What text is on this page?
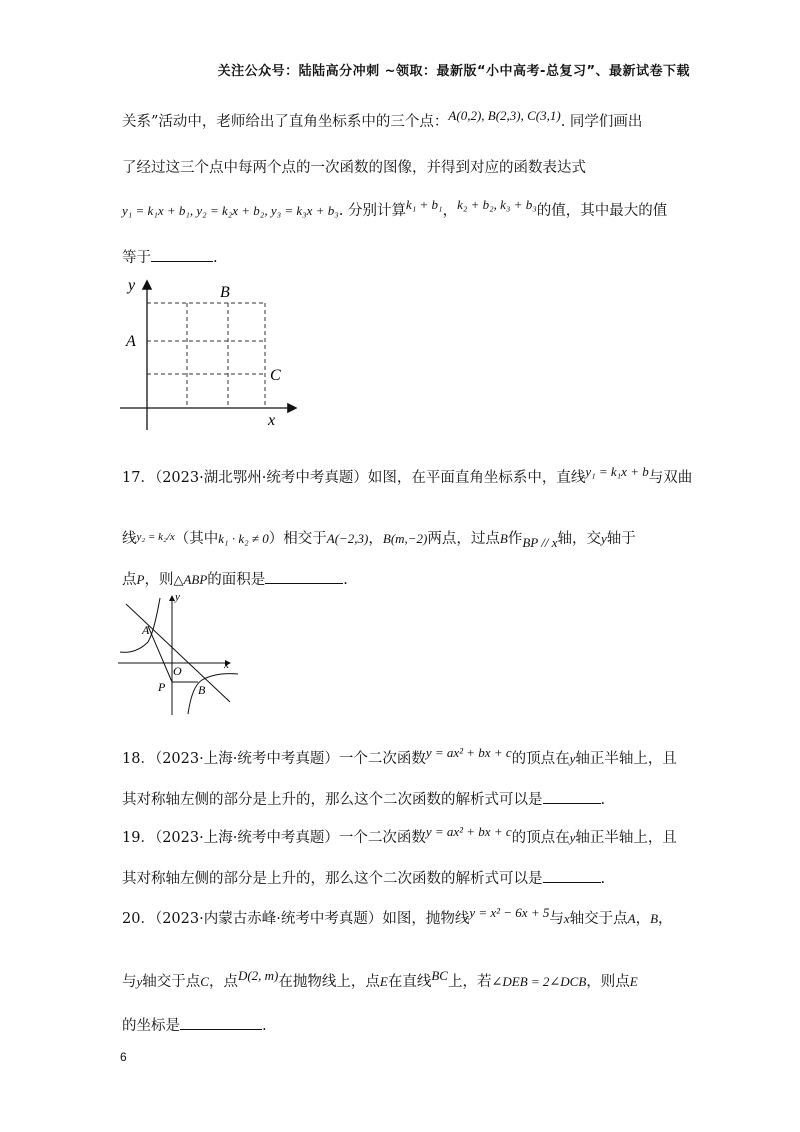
关注公众号：陆陆高分冲刺 ~领取：最新版“小中高考-总复习”、最新试卷下载
关系”活动中，老师给出了直角坐标系中的三个点：A(0,2), B(2,3), C(3,1). 同学们画出
了经过这三个点中每两个点的一次函数的图像，并得到对应的函数表达式
y₁ = k₁x + b₁, y₂ = k₂x + b₂, y₃ = k₃x + b₃. 分别计算k₁ + b₁，k₂ + b₂, k₃ + b₃的值，其中最大的值
等于	.
y
x
A
B
C
17．（2023·湖北鄂州·统考中考真题）如图，在平面直角坐标系中，直线y₁ = k₁x + b与双曲
线$^{y_2 = k_2/x}$（其中k₁ · k₂ ≠ 0）相交于A(−2,3)，B(m,−2)两点，过点B作BP // x轴，交y轴于
点P，则△ABP的面积是	.
y
x
A
O
P	B
18．（2023·上海·统考中考真题）一个二次函数y = ax² + bx + c的顶点在y轴正半轴上，且
其对称轴左侧的部分是上升的，那么这个二次函数的解析式可以是	.
19．（2023·上海·统考中考真题）一个二次函数y = ax² + bx + c的顶点在y轴正半轴上，且
其对称轴左侧的部分是上升的，那么这个二次函数的解析式可以是	.
20．（2023·内蒙古赤峰·统考中考真题）如图，抛物线y = x² − 6x + 5与x轴交于点A，B，
与y轴交于点C，点D(2, m)在抛物线上，点E在直线BC上，若∠DEB = 2∠DCB，则点E
的坐标是	.
6
